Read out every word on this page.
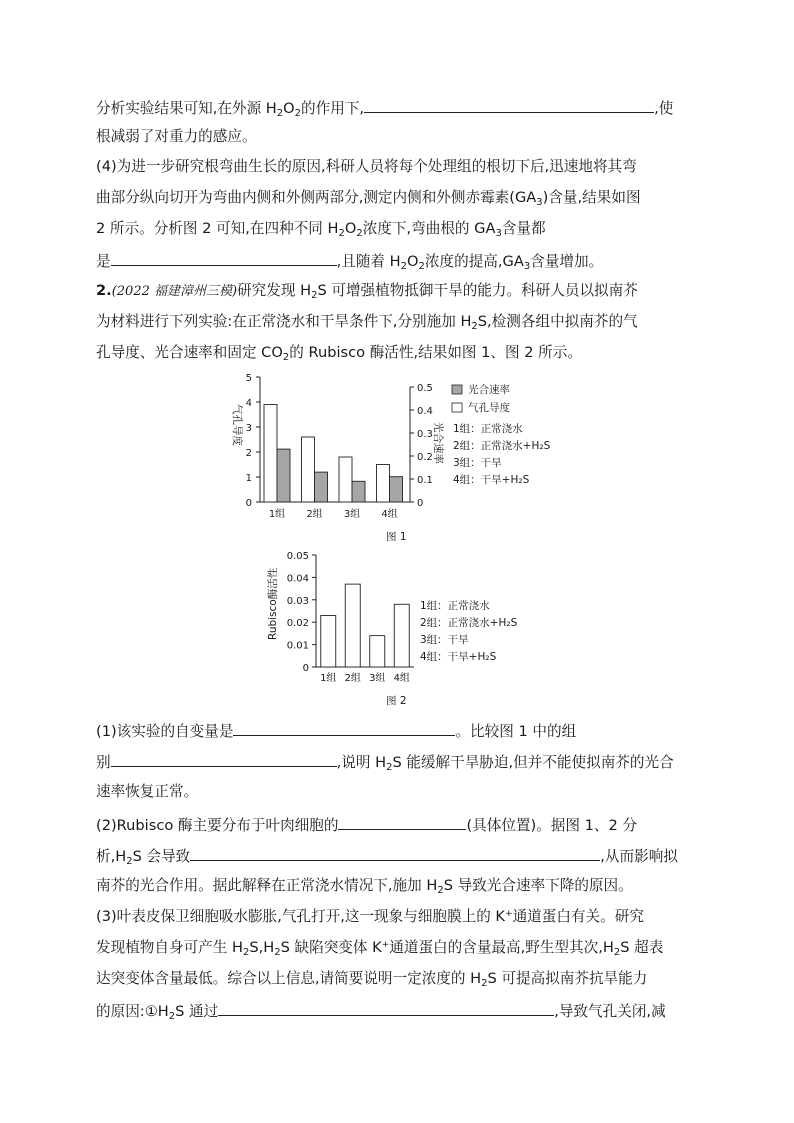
分析实验结果可知,在外源 $H_2O_2$的作用下,	,使
根减弱了对重力的感应。
(4)为进一步研究根弯曲生长的原因,科研人员将每个处理组的根切下后,迅速地将其弯
曲部分纵向切开为弯曲内侧和外侧两部分,测定内侧和外侧赤霉素$(GA_3)$含量,结果如图
2 所示。分析图 2 可知,在四种不同 $H_2O_2$浓度下,弯曲根的 $GA_3$含量都
是	,且随着 $H_2O_2$浓度的提高$,GA_3$含量增加。
2.(2022 福建漳州三模)研究发现 $H_2S$ 可增强植物抵御干旱的能力。科研人员以拟南芥
为材料进行下列实验:在正常浇水和干旱条件下,分别施加 $H_2S$,检测各组中拟南芥的气
孔导度、光合速率和固定 $CO_2$的 Rubisco 酶活性,结果如图 1、图 2 所示。
0
1
2
3
4
5
0
0.1
0.2
0.3
0.4
0.5
1组 2组 3组 4组
气孔导度	光合速率
光合速率
气孔导度
1组：正常浇水
2组：正常浇水+H₂S
3组：干旱
4组：干旱+H₂S
图 1
0
0.01
0.02
0.03
0.04
0.05
1组 2组 3组 4组
Rubisco酶活性	1组：正常浇水
2组：正常浇水+H₂S
3组：干旱
4组：干旱+H₂S
图 2
(1)该实验的自变量是	。比较图 1 中的组
别	,说明 $H_2S$ 能缓解干旱胁迫,但并不能使拟南芥的光合
速率恢复正常。
(2)Rubisco 酶主要分布于叶肉细胞的	(具体位置)。据图 1、2 分
析$,H_2S$ 会导致	,从而影响拟
南芥的光合作用。据此解释在正常浇水情况下,施加 $H_2S$ 导致光合速率下降的原因。
(3)叶表皮保卫细胞吸水膨胀,气孔打开,这一现象与细胞膜上的 K+通道蛋白有关。研究
发现植物自身可产生 $H_2S,H_2S$ 缺陷突变体 K+通道蛋白的含量最高,野生型其次$,H_2S$ 超表
达突变体含量最低。综合以上信息,请简要说明一定浓度的 $H_2S$ 可提高拟南芥抗旱能力
的原因$:①H_2S$ 通过	,导致气孔关闭,减
